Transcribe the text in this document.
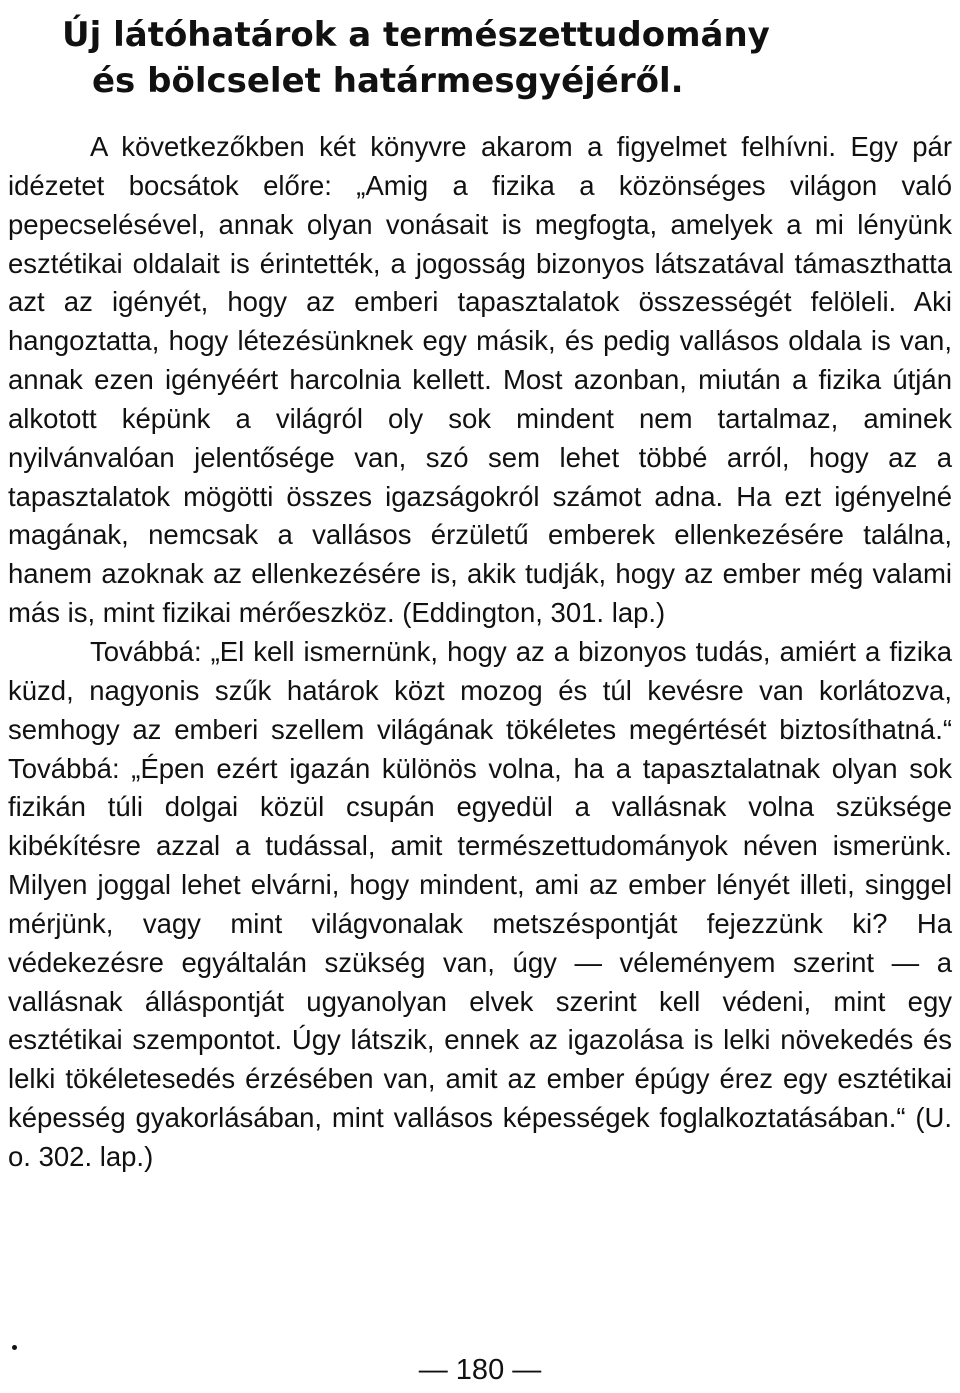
Új látóhatárok a természettudomány
és bölcselet határmesgyéjéről.

A következőkben két könyvre akarom a figyelmet felhívni. Egy pár idézetet bocsátok előre: „Amig a fizika a közönséges világon való pepecselésével, annak olyan vonásait is megfogta, amelyek a mi lényünk esztétikai oldalait is érintették, a jogosság bizonyos látszatával támaszthatta azt az igényét, hogy az emberi tapasztalatok összességét felöleli. Aki hangoztatta, hogy létezésünknek egy másik, és pedig vallásos oldala is van, annak ezen igényéért harcolnia kellett. Most azonban, miután a fizika útján alkotott képünk a világról oly sok mindent nem tartalmaz, aminek nyilvánvalóan jelentősége van, szó sem lehet többé arról, hogy az a tapasztalatok mögötti összes igazságokról számot adna. Ha ezt igényelné magának, nemcsak a vallásos érzületű emberek ellenkezésére találna, hanem azoknak az ellenkezésére is, akik tudják, hogy az ember még valami más is, mint fizikai mérőeszköz. (Eddington, 301. lap.)

Továbbá: „El kell ismernünk, hogy az a bizonyos tudás, amiért a fizika küzd, nagyonis szűk határok közt mozog és túl kevésre van korlátozva, semhogy az emberi szellem világának tökéletes megértését biztosíthatná.“ Továbbá: „Épen ezért igazán különös volna, ha a tapasztalatnak olyan sok fizikán túli dolgai közül csupán egyedül a vallásnak volna szüksége kibékítésre azzal a tudással, amit természettudományok néven ismerünk. Milyen joggal lehet elvárni, hogy mindent, ami az ember lényét illeti, singgel mérjünk, vagy mint világvonalak metszéspontját fejezzünk ki? Ha védekezésre egyáltalán szükség van, úgy — véleményem szerint — a vallásnak álláspontját ugyanolyan elvek szerint kell védeni, mint egy esztétikai szempontot. Úgy látszik, ennek az igazolása is lelki növekedés és lelki tökéletesedés érzésében van, amit az ember épúgy érez egy esztétikai képesség gyakorlásában, mint vallásos képességek foglalkoztatásában.“ (U. o. 302. lap.)

— 180 —
